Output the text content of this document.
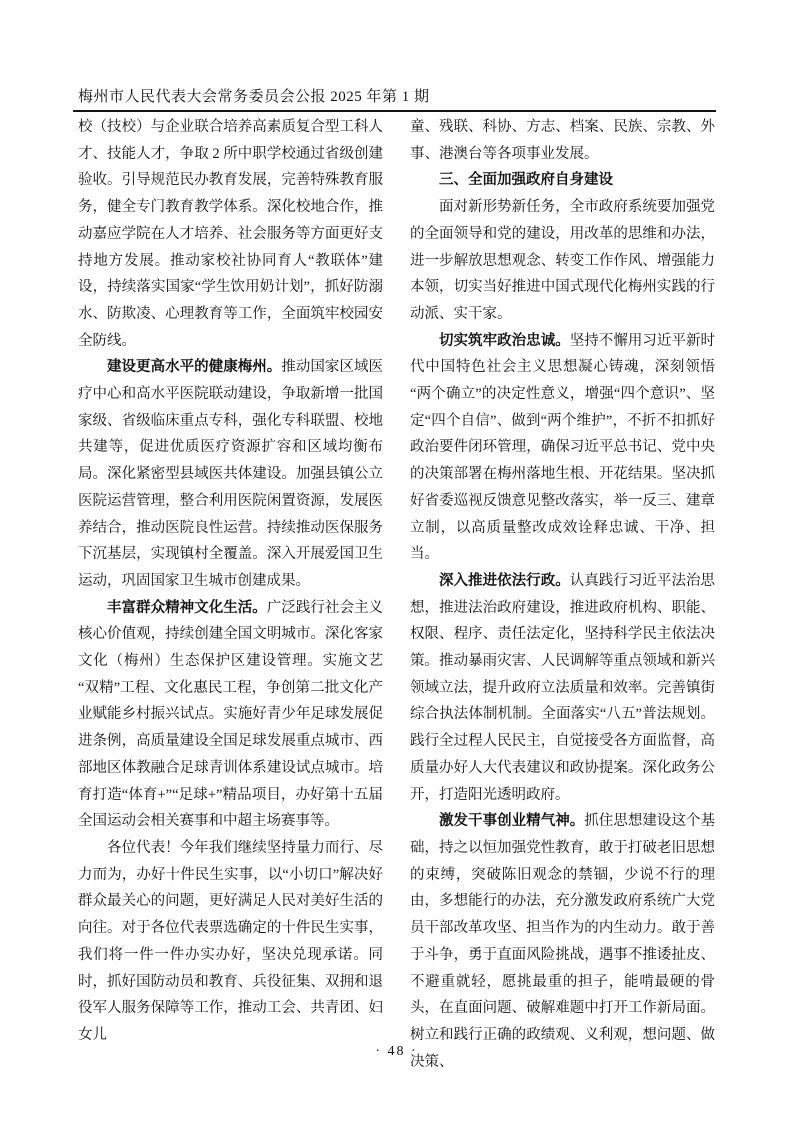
梅州市人民代表大会常务委员会公报 2025 年第 1 期

校（技校）与企业联合培养高素质复合型工科人才、技能人才，争取 2 所中职学校通过省级创建验收。引导规范民办教育发展，完善特殊教育服务，健全专门教育教学体系。深化校地合作，推动嘉应学院在人才培养、社会服务等方面更好支持地方发展。推动家校社协同育人“教联体”建设，持续落实国家“学生饮用奶计划”，抓好防溺水、防欺凌、心理教育等工作，全面筑牢校园安全防线。

建设更高水平的健康梅州。推动国家区域医疗中心和高水平医院联动建设，争取新增一批国家级、省级临床重点专科，强化专科联盟、校地共建等，促进优质医疗资源扩容和区域均衡布局。深化紧密型县域医共体建设。加强县镇公立医院运营管理，整合利用医院闲置资源，发展医养结合，推动医院良性运营。持续推动医保服务下沉基层，实现镇村全覆盖。深入开展爱国卫生运动，巩固国家卫生城市创建成果。

丰富群众精神文化生活。广泛践行社会主义核心价值观，持续创建全国文明城市。深化客家文化（梅州）生态保护区建设管理。实施文艺“双精”工程、文化惠民工程，争创第二批文化产业赋能乡村振兴试点。实施好青少年足球发展促进条例，高质量建设全国足球发展重点城市、西部地区体教融合足球青训体系建设试点城市。培育打造“体育+”“足球+”精品项目，办好第十五届全国运动会相关赛事和中超主场赛事等。

各位代表！今年我们继续坚持量力而行、尽力而为，办好十件民生实事，以“小切口”解决好群众最关心的问题，更好满足人民对美好生活的向往。对于各位代表票选确定的十件民生实事，我们将一件一件办实办好，坚决兑现承诺。同时，抓好国防动员和教育、兵役征集、双拥和退役军人服务保障等工作，推动工会、共青团、妇女儿

童、残联、科协、方志、档案、民族、宗教、外事、港澳台等各项事业发展。

三、全面加强政府自身建设

面对新形势新任务，全市政府系统要加强党的全面领导和党的建设，用改革的思维和办法，进一步解放思想观念、转变工作作风、增强能力本领，切实当好推进中国式现代化梅州实践的行动派、实干家。

切实筑牢政治忠诚。坚持不懈用习近平新时代中国特色社会主义思想凝心铸魂，深刻领悟“两个确立”的决定性意义，增强“四个意识”、坚定“四个自信”、做到“两个维护”，不折不扣抓好政治要件闭环管理，确保习近平总书记、党中央的决策部署在梅州落地生根、开花结果。坚决抓好省委巡视反馈意见整改落实，举一反三、建章立制，以高质量整改成效诠释忠诚、干净、担当。

深入推进依法行政。认真践行习近平法治思想，推进法治政府建设，推进政府机构、职能、权限、程序、责任法定化，坚持科学民主依法决策。推动暴雨灾害、人民调解等重点领域和新兴领域立法，提升政府立法质量和效率。完善镇街综合执法体制机制。全面落实“八五”普法规划。践行全过程人民民主，自觉接受各方面监督，高质量办好人大代表建议和政协提案。深化政务公开，打造阳光透明政府。

激发干事创业精气神。抓住思想建设这个基础，持之以恒加强党性教育，敢于打破老旧思想的束缚，突破陈旧观念的禁锢，少说不行的理由，多想能行的办法，充分激发政府系统广大党员干部改革攻坚、担当作为的内生动力。敢于善于斗争，勇于直面风险挑战，遇事不推诿扯皮、不避重就轻，愿挑最重的担子，能啃最硬的骨头，在直面问题、破解难题中打开工作新局面。树立和践行正确的政绩观、义利观，想问题、做决策、

· 48 ·
